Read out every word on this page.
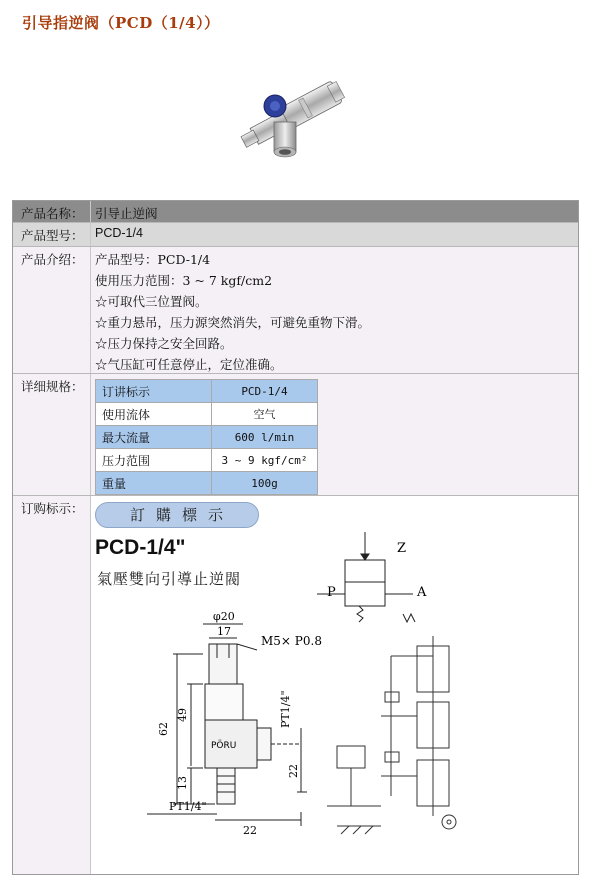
引导指逆阀（PCD（1/4））
产品名称： 引导止逆阀
产品型号： PCD-1/4
产品介绍： 产品型号：PCD-1/4
使用压力范围：3 ~ 7 kgf/cm2
☆可取代三位置阀。
☆重力悬吊，压力源突然消失，可避免重物下滑。
☆压力保持之安全回路。
☆气压缸可任意停止，定位准确。
详细规格：	订讲标示	PCD-1/4
使用流体	空气
最大流量	600 l/min
压力范围	3 ~ 9 kgf/cm²
重量	100g
订购标示：	訂購標示
PCD-1/4"
氣壓雙向引導止逆閥
φ20
17
M5× P0.8
62
49
13
22
22
PT1/4"
PT1/4"
PÖRU
Z
P	A
